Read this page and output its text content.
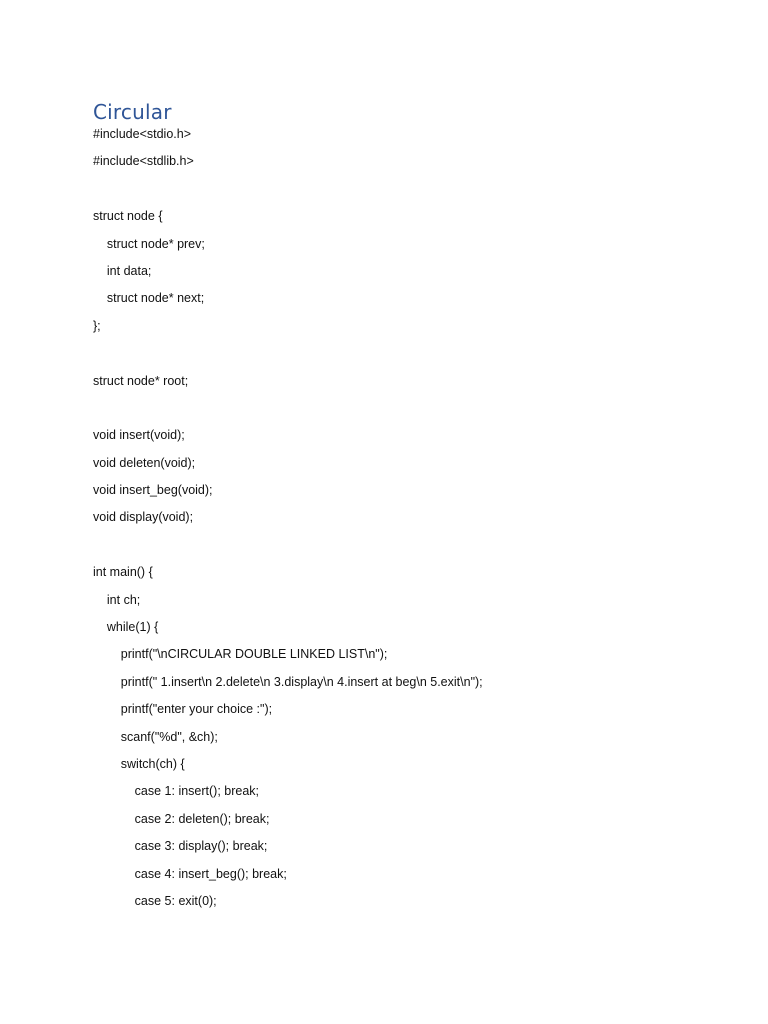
Circular
#include<stdio.h>
#include<stdlib.h>
struct node {
struct node* prev;
int data;
struct node* next;
};
struct node* root;
void insert(void);
void deleten(void);
void insert_beg(void);
void display(void);
int main() {
int ch;
while(1) {
printf("\nCIRCULAR DOUBLE LINKED LIST\n");
printf(" 1.insert\n 2.delete\n 3.display\n 4.insert at beg\n 5.exit\n");
printf("enter your choice :");
scanf("%d", &ch);
switch(ch) {
case 1: insert(); break;
case 2: deleten(); break;
case 3: display(); break;
case 4: insert_beg(); break;
case 5: exit(0);
